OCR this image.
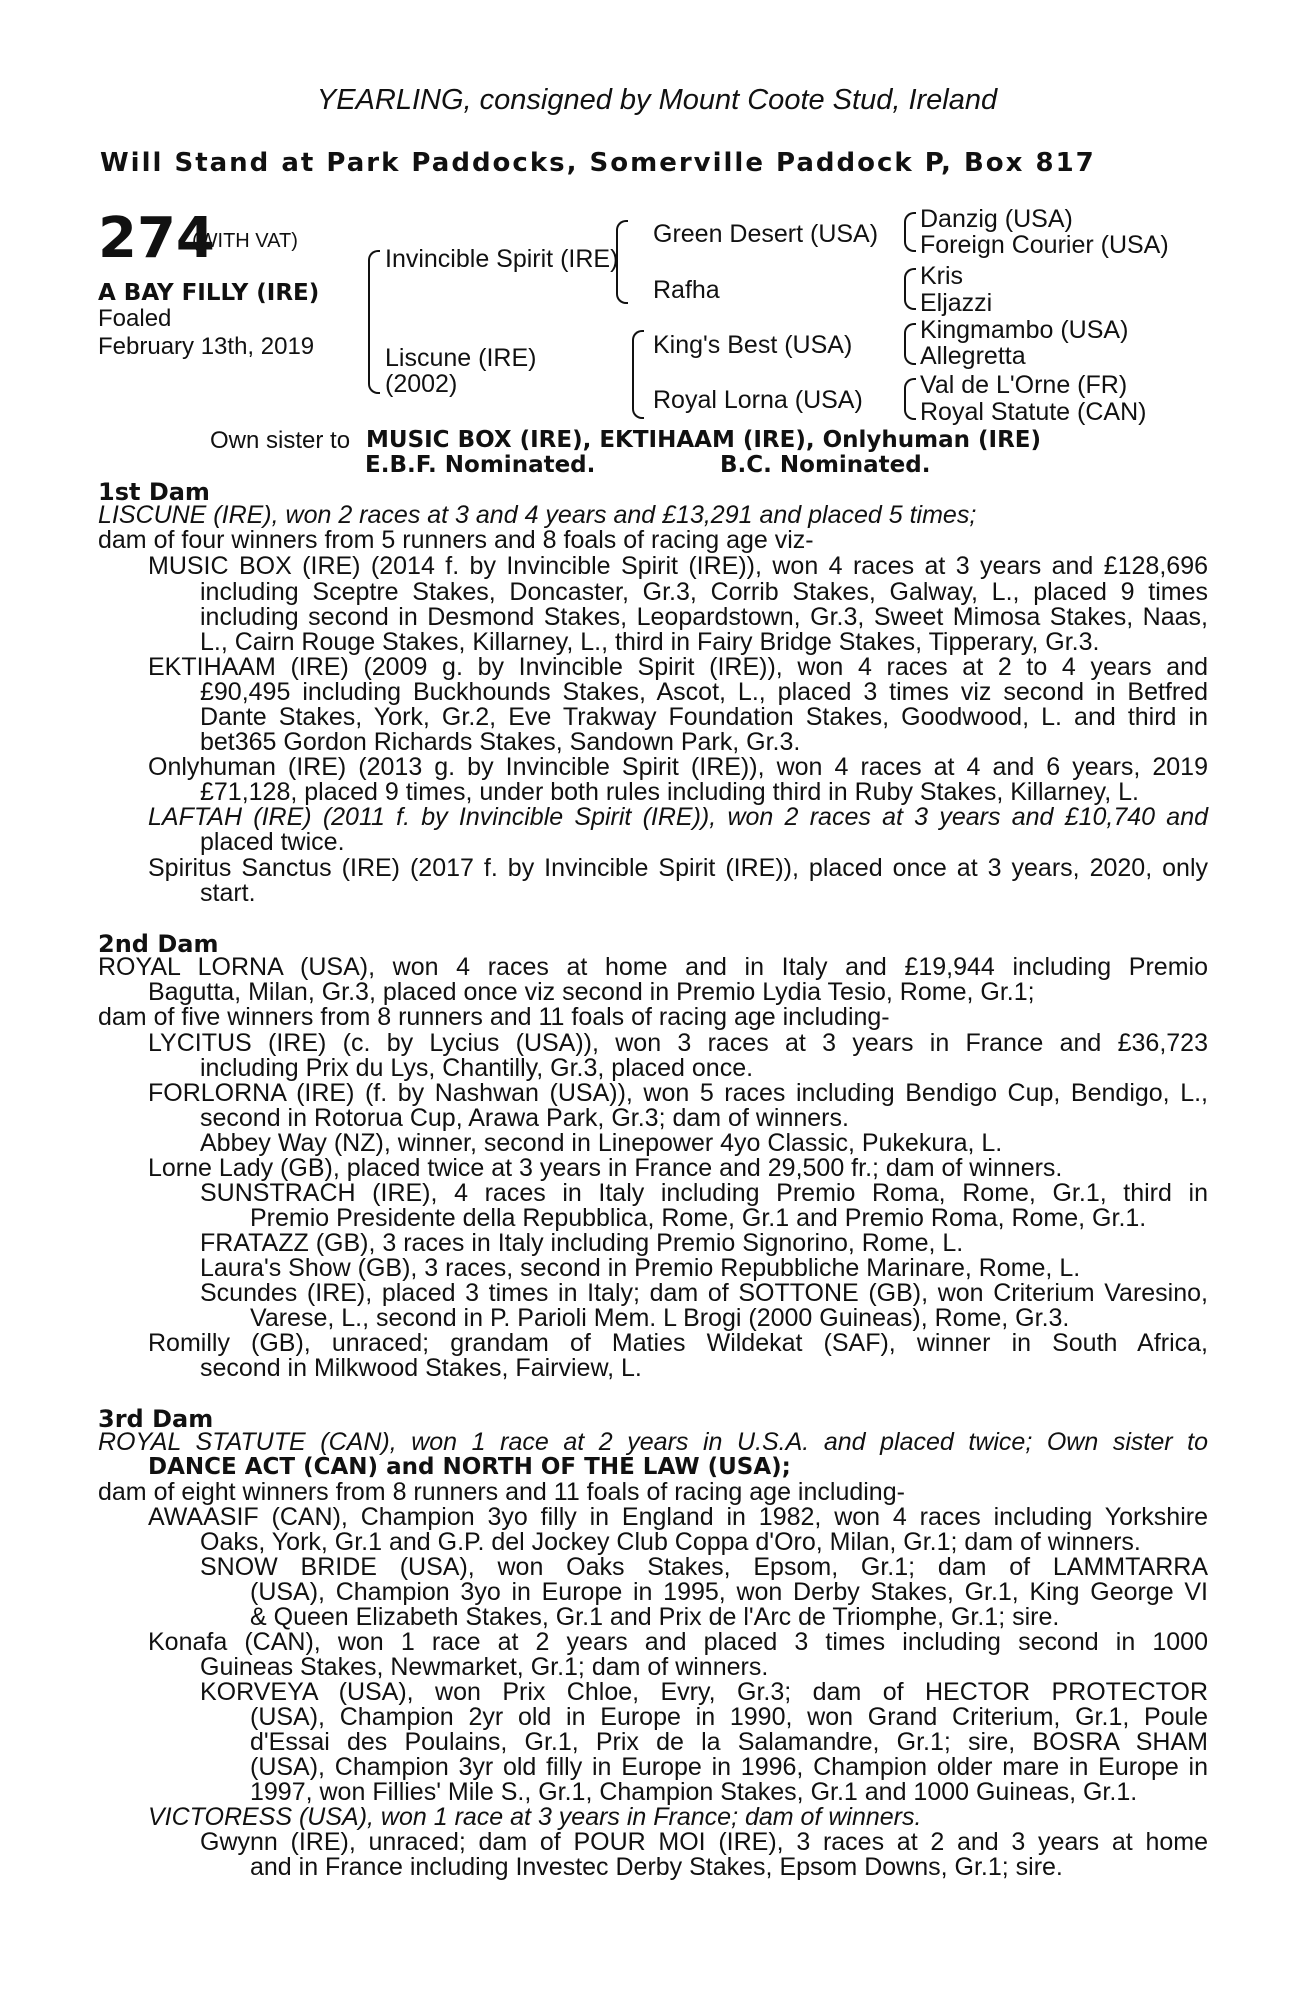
YEARLING, consigned by Mount Coote Stud, Ireland
Will Stand at Park Paddocks, Somerville Paddock P, Box 817
274
(WITH VAT)
A BAY FILLY (IRE)
Foaled
February 13th, 2019
Invincible Spirit (IRE)
Liscune (IRE)
(2002)
Green Desert (USA)
Rafha
King's Best (USA)
Royal Lorna (USA)
Danzig (USA)
Foreign Courier (USA)
Kris
Eljazzi
Kingmambo (USA)
Allegretta
Val de L'Orne (FR)
Royal Statute (CAN)
Own sister to MUSIC BOX (IRE), EKTIHAAM (IRE), Onlyhuman (IRE)
E.B.F. Nominated.	B.C. Nominated.
1st Dam
LISCUNE (IRE), won 2 races at 3 and 4 years and £13,291 and placed 5 times;
dam of four winners from 5 runners and 8 foals of racing age viz-
MUSIC BOX (IRE) (2014 f. by Invincible Spirit (IRE)), won 4 races at 3 years and £128,696
including Sceptre Stakes, Doncaster, Gr.3, Corrib Stakes, Galway, L., placed 9 times
including second in Desmond Stakes, Leopardstown, Gr.3, Sweet Mimosa Stakes, Naas,
L., Cairn Rouge Stakes, Killarney, L., third in Fairy Bridge Stakes, Tipperary, Gr.3.
EKTIHAAM (IRE) (2009 g. by Invincible Spirit (IRE)), won 4 races at 2 to 4 years and
£90,495 including Buckhounds Stakes, Ascot, L., placed 3 times viz second in Betfred
Dante Stakes, York, Gr.2, Eve Trakway Foundation Stakes, Goodwood, L. and third in
bet365 Gordon Richards Stakes, Sandown Park, Gr.3.
Onlyhuman (IRE) (2013 g. by Invincible Spirit (IRE)), won 4 races at 4 and 6 years, 2019
£71,128, placed 9 times, under both rules including third in Ruby Stakes, Killarney, L.
LAFTAH (IRE) (2011 f. by Invincible Spirit (IRE)), won 2 races at 3 years and £10,740 and
placed twice.
Spiritus Sanctus (IRE) (2017 f. by Invincible Spirit (IRE)), placed once at 3 years, 2020, only
start.
2nd Dam
ROYAL LORNA (USA), won 4 races at home and in Italy and £19,944 including Premio
Bagutta, Milan, Gr.3, placed once viz second in Premio Lydia Tesio, Rome, Gr.1;
dam of five winners from 8 runners and 11 foals of racing age including-
LYCITUS (IRE) (c. by Lycius (USA)), won 3 races at 3 years in France and £36,723
including Prix du Lys, Chantilly, Gr.3, placed once.
FORLORNA (IRE) (f. by Nashwan (USA)), won 5 races including Bendigo Cup, Bendigo, L.,
second in Rotorua Cup, Arawa Park, Gr.3; dam of winners.
Abbey Way (NZ), winner, second in Linepower 4yo Classic, Pukekura, L.
Lorne Lady (GB), placed twice at 3 years in France and 29,500 fr.; dam of winners.
SUNSTRACH (IRE), 4 races in Italy including Premio Roma, Rome, Gr.1, third in
Premio Presidente della Repubblica, Rome, Gr.1 and Premio Roma, Rome, Gr.1.
FRATAZZ (GB), 3 races in Italy including Premio Signorino, Rome, L.
Laura's Show (GB), 3 races, second in Premio Repubbliche Marinare, Rome, L.
Scundes (IRE), placed 3 times in Italy; dam of SOTTONE (GB), won Criterium Varesino,
Varese, L., second in P. Parioli Mem. L Brogi (2000 Guineas), Rome, Gr.3.
Romilly (GB), unraced; grandam of Maties Wildekat (SAF), winner in South Africa,
second in Milkwood Stakes, Fairview, L.
3rd Dam
ROYAL STATUTE (CAN), won 1 race at 2 years in U.S.A. and placed twice; Own sister to
DANCE ACT (CAN) and NORTH OF THE LAW (USA);
dam of eight winners from 8 runners and 11 foals of racing age including-
AWAASIF (CAN), Champion 3yo filly in England in 1982, won 4 races including Yorkshire
Oaks, York, Gr.1 and G.P. del Jockey Club Coppa d'Oro, Milan, Gr.1; dam of winners.
SNOW BRIDE (USA), won Oaks Stakes, Epsom, Gr.1; dam of LAMMTARRA
(USA), Champion 3yo in Europe in 1995, won Derby Stakes, Gr.1, King George VI
& Queen Elizabeth Stakes, Gr.1 and Prix de l'Arc de Triomphe, Gr.1; sire.
Konafa (CAN), won 1 race at 2 years and placed 3 times including second in 1000
Guineas Stakes, Newmarket, Gr.1; dam of winners.
KORVEYA (USA), won Prix Chloe, Evry, Gr.3; dam of HECTOR PROTECTOR
(USA), Champion 2yr old in Europe in 1990, won Grand Criterium, Gr.1, Poule
d'Essai des Poulains, Gr.1, Prix de la Salamandre, Gr.1; sire, BOSRA SHAM
(USA), Champion 3yr old filly in Europe in 1996, Champion older mare in Europe in
1997, won Fillies' Mile S., Gr.1, Champion Stakes, Gr.1 and 1000 Guineas, Gr.1.
VICTORESS (USA), won 1 race at 3 years in France; dam of winners.
Gwynn (IRE), unraced; dam of POUR MOI (IRE), 3 races at 2 and 3 years at home
and in France including Investec Derby Stakes, Epsom Downs, Gr.1; sire.
